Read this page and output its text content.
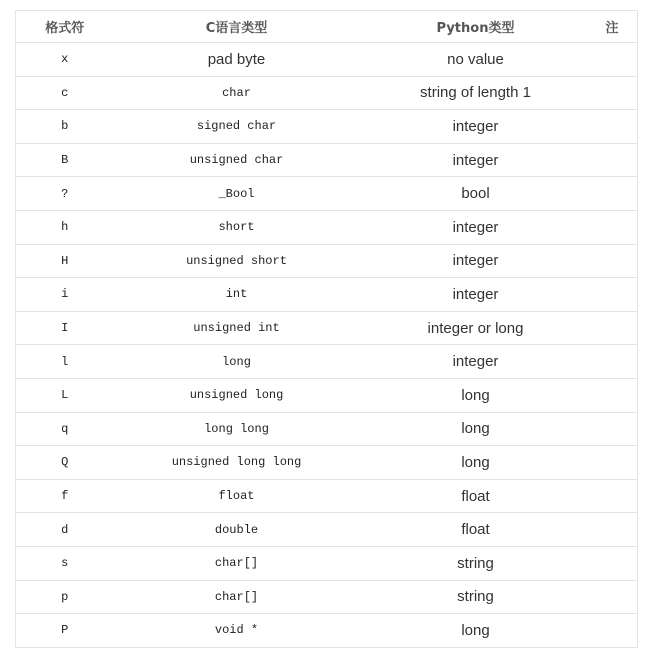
格式符	C语言类型	Python类型	注
x	pad byte	no value	
c	char	string of length 1	
b	signed char	integer	
B	unsigned char	integer	
?	_Bool	bool	
h	short	integer	
H	unsigned short	integer	
i	int	integer	
I	unsigned int	integer or long	
l	long	integer	
L	unsigned long	long	
q	long long	long	
Q	unsigned long long	long	
f	float	float	
d	double	float	
s	char[]	string	
p	char[]	string	
P	void *	long	
